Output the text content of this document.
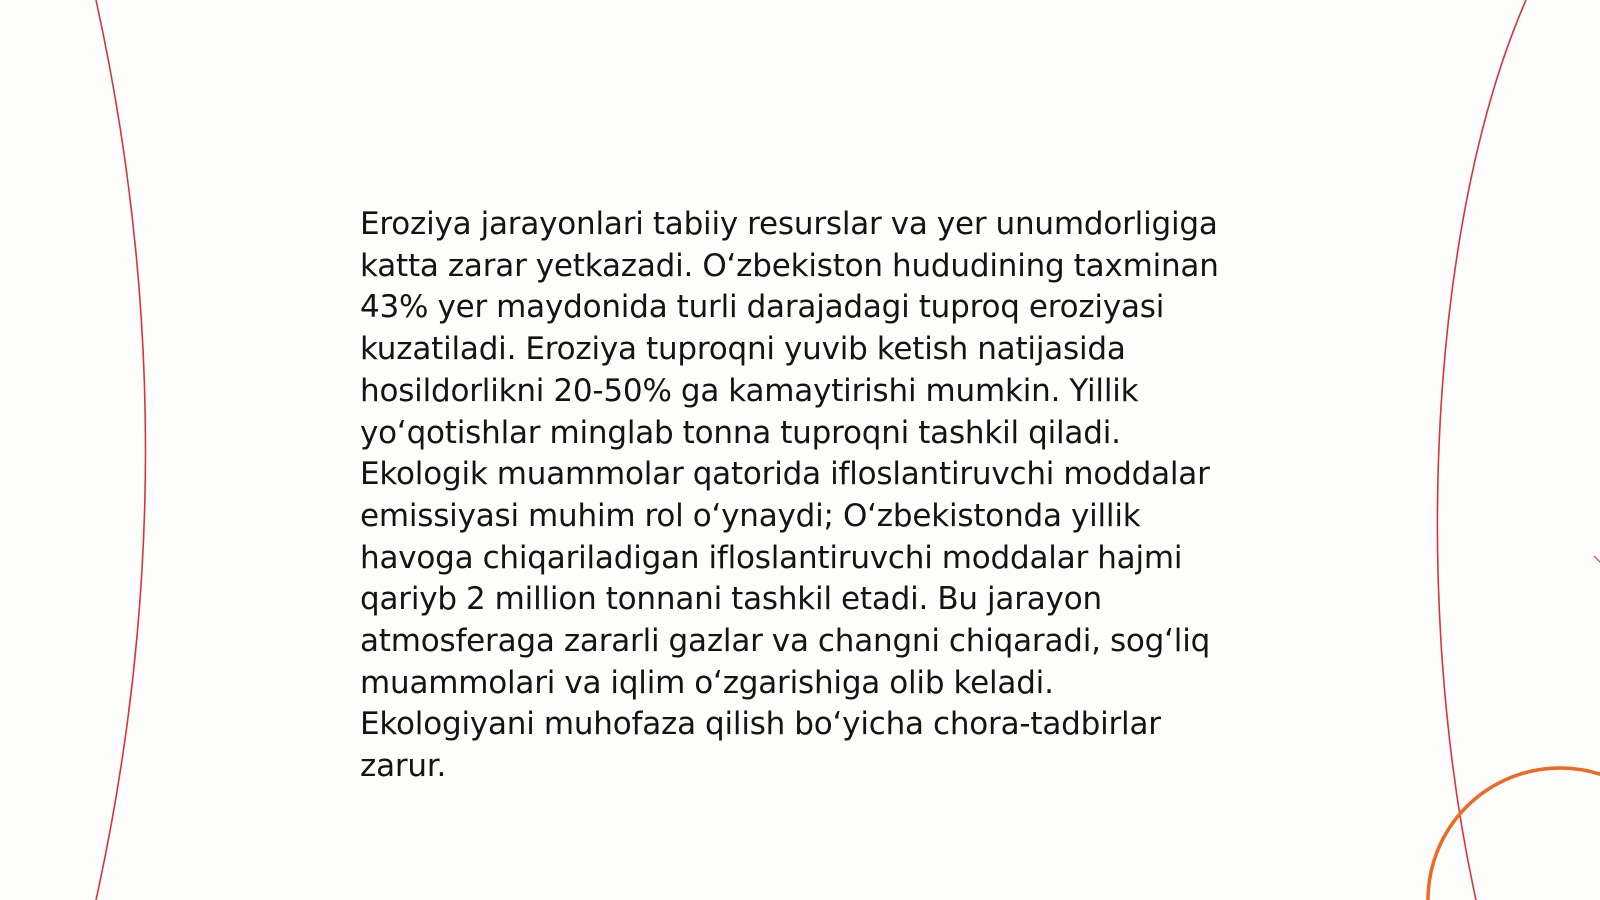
Eroziya jarayonlari tabiiy resurslar va yer unumdorligiga katta zarar yetkazadi. O‘zbekiston hududining taxminan 43% yer maydonida turli darajadagi tuproq eroziyasi kuzatiladi. Eroziya tuproqni yuvib ketish natijasida hosildorlikni 20-50% ga kamaytirishi mumkin. Yillik yo‘qotishlar minglab tonna tuproqni tashkil qiladi. Ekologik muammolar qatorida ifloslantiruvchi moddalar emissiyasi muhim rol o‘ynaydi; O‘zbekistonda yillik havoga chiqariladigan ifloslantiruvchi moddalar hajmi qariyb 2 million tonnani tashkil etadi. Bu jarayon atmosferaga zararli gazlar va changni chiqaradi, sog‘liq muammolari va iqlim o‘zgarishiga olib keladi. Ekologiyani muhofaza qilish bo‘yicha chora-tadbirlar zarur.
